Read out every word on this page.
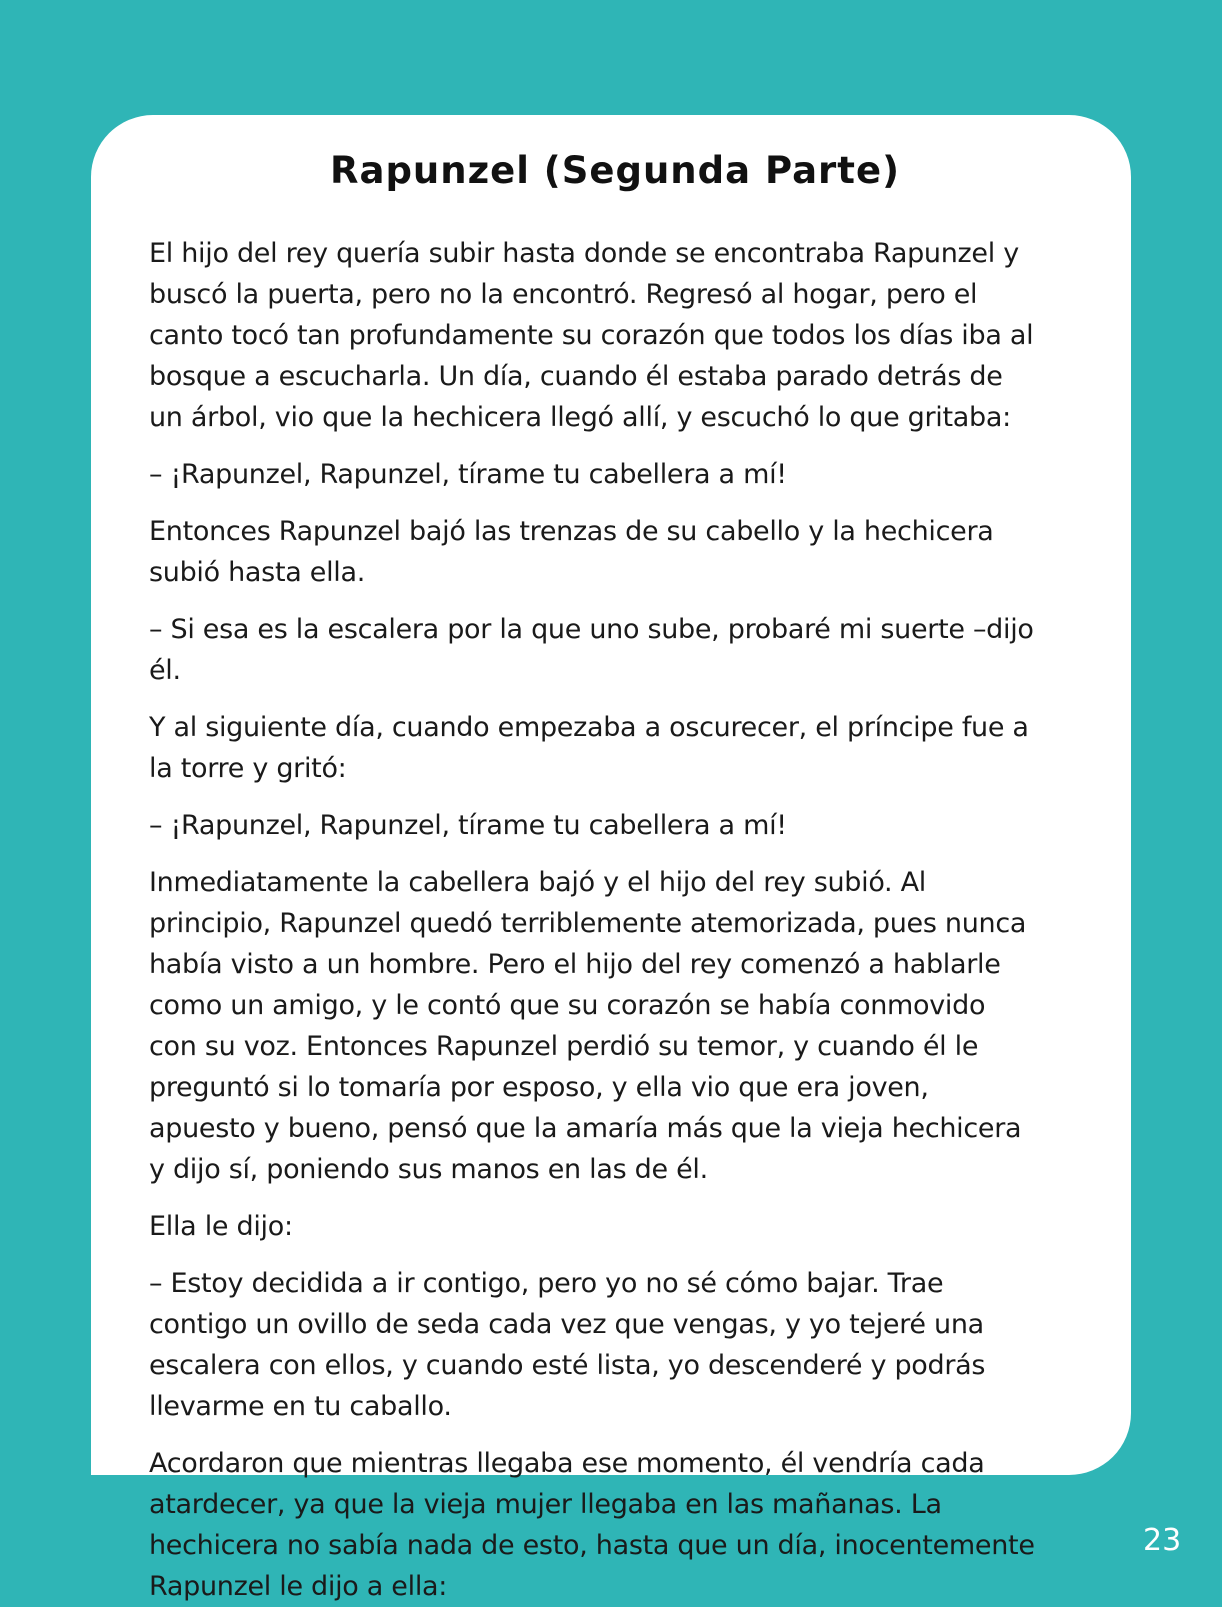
Rapunzel (Segunda Parte)

El hijo del rey quería subir hasta donde se encontraba Rapunzel y buscó la puerta, pero no la encontró. Regresó al hogar, pero el canto tocó tan profundamente su corazón que todos los días iba al bosque a escucharla. Un día, cuando él estaba parado detrás de un árbol, vio que la hechicera llegó allí, y escuchó lo que gritaba:

– ¡Rapunzel, Rapunzel, tírame tu cabellera a mí!

Entonces Rapunzel bajó las trenzas de su cabello y la hechicera subió hasta ella.

– Si esa es la escalera por la que uno sube, probaré mi suerte –dijo él.

Y al siguiente día, cuando empezaba a oscurecer, el príncipe fue a la torre y gritó:

– ¡Rapunzel, Rapunzel, tírame tu cabellera a mí!

Inmediatamente la cabellera bajó y el hijo del rey subió. Al principio, Rapunzel quedó terriblemente atemorizada, pues nunca había visto a un hombre. Pero el hijo del rey comenzó a hablarle como un amigo, y le contó que su corazón se había conmovido con su voz. Entonces Rapunzel perdió su temor, y cuando él le preguntó si lo tomaría por esposo, y ella vio que era joven, apuesto y bueno, pensó que la amaría más que la vieja hechicera y dijo sí, poniendo sus manos en las de él.

Ella le dijo:

– Estoy decidida a ir contigo, pero yo no sé cómo bajar. Trae contigo un ovillo de seda cada vez que vengas, y yo tejeré una escalera con ellos, y cuando esté lista, yo descenderé y podrás llevarme en tu caballo.

Acordaron que mientras llegaba ese momento, él vendría cada atardecer, ya que la vieja mujer llegaba en las mañanas. La hechicera no sabía nada de esto, hasta que un día, inocentemente Rapunzel le dijo a ella:

23
